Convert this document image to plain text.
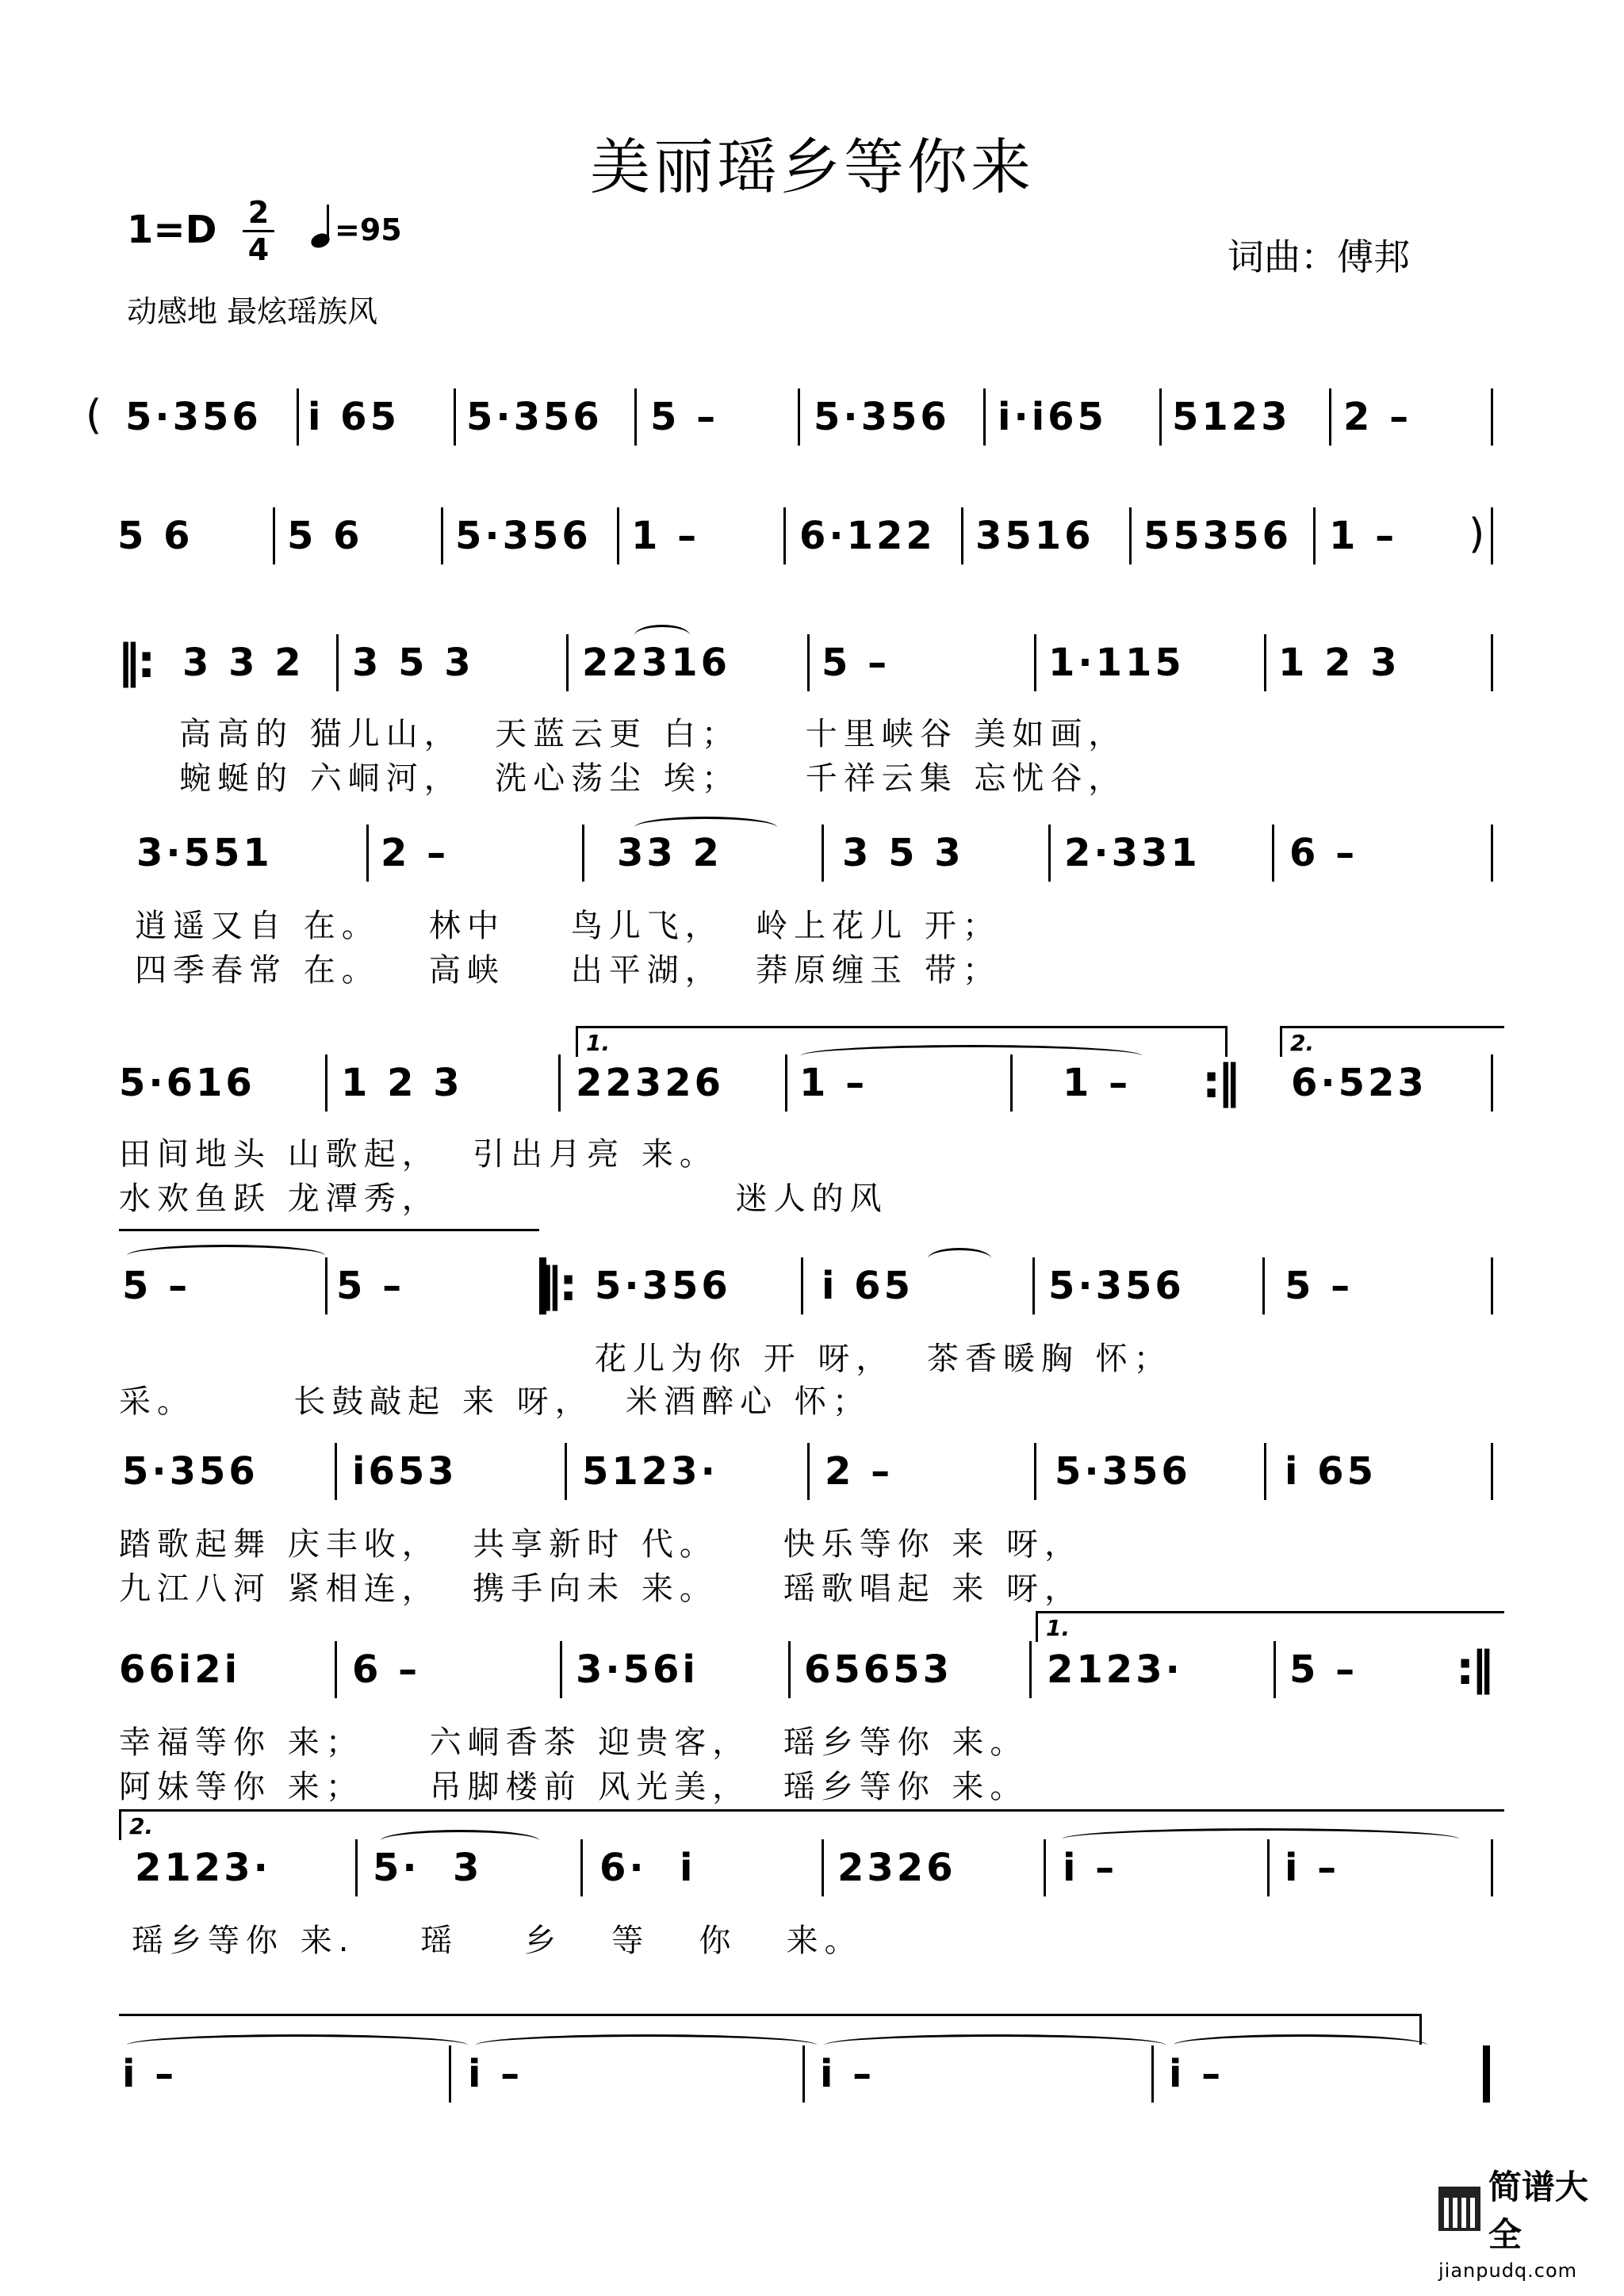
美丽瑶乡等你来
1=D 2
4
=95
动感地 最炫瑶族风
词曲：傅邦
( 5·356 i 65 5·356 5 – 5·356 i·i65 5123 2 –
5 6 5 6 5·356 1 –	6·122 3516 55356 1 – )
‖: 3 3 2 3 5 3	22316 5 –	1·115 1 2 3
高高的 猫儿山，  天蓝云更 白；    十里峡谷 美如画，
蜿蜒的 六峒河，  洗心荡尘 埃；    千祥云集 忘忧谷，
3·551	2 –	33 2	3 5 3	2·331 6 –
逍遥又自 在。   林中    鸟儿飞，  岭上花儿 开；
四季春常 在。   高峡    出平湖，  莽原缠玉 带；
1.	2.
5·616 1 2 3	22326 1 –	1 – :‖ 6·523
田间地头 山歌起，  引出月亮 来。
水欢鱼跃 龙潭秀，                  迷人的风
5 –	5 –	‖: 5·356 i 65	5·356	5 –
花儿为你 开 呀，  茶香暖胸 怀；
采。      长鼓敲起 来 呀，  米酒醉心 怀；
5·356 i653	5123·	2 –	5·356 i 65
踏歌起舞 庆丰收，  共享新时 代。    快乐等你 来 呀，
九江八河 紧相连，  携手向未 来。    瑶歌唱起 来 呀，
1.
66i2i	6 –	3·56i	65653 2123·	5 – :‖
幸福等你 来；    六峒香茶 迎贵客，  瑶乡等你 来。
阿妹等你 来；    吊脚楼前 风光美，  瑶乡等你 来。
2.
2123·	5·  3	6·  i	2326	i –	i –
瑶乡等你 来.    瑶    乡   等   你   来。
i –	i –	i –	i –
简谱大全
jianpudq.com
